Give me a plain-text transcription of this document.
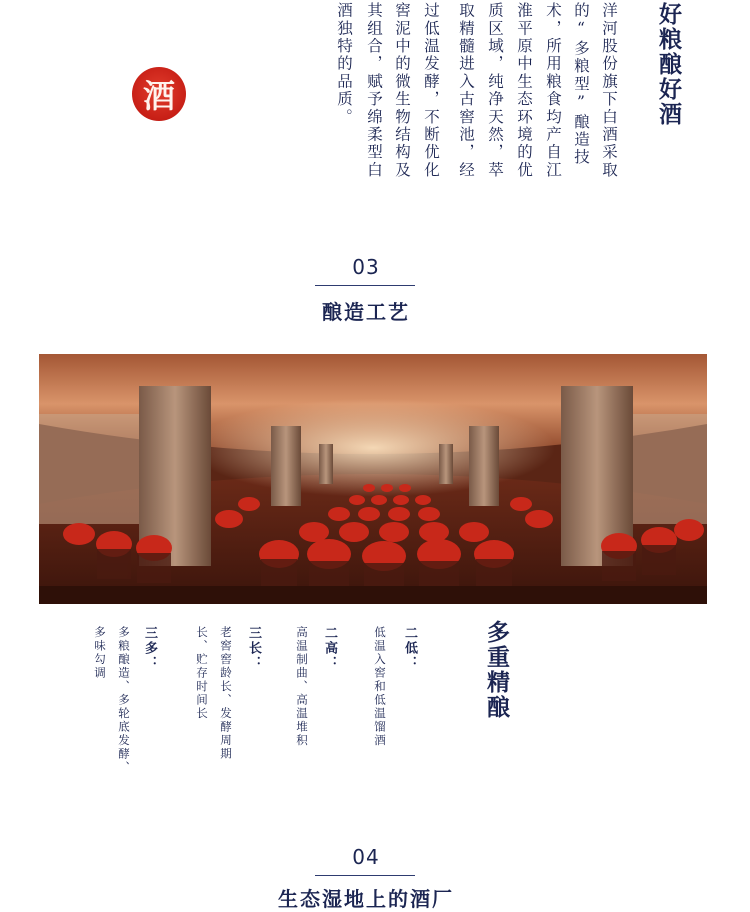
好粮酿好酒
洋河股份旗下白酒采取
的“多粮型”酿造技
术，所用粮食均产自江
淮平原中生态环境的优
质区域，纯净天然，萃
取精髓进入古窖池，经
过低温发酵，不断优化
窖泥中的微生物结构及
其组合，赋予绵柔型白
酒独特的品质。
酒
03
酿造工艺
多重精酿
二低：
低温入窖和低温馏酒
二高：
高温制曲、高温堆积
三长：
老窖窖龄长、发酵周期
长、贮存时间长
三多：
多粮酿造、多轮底发酵、
多味勾调
04
生态湿地上的酒厂
